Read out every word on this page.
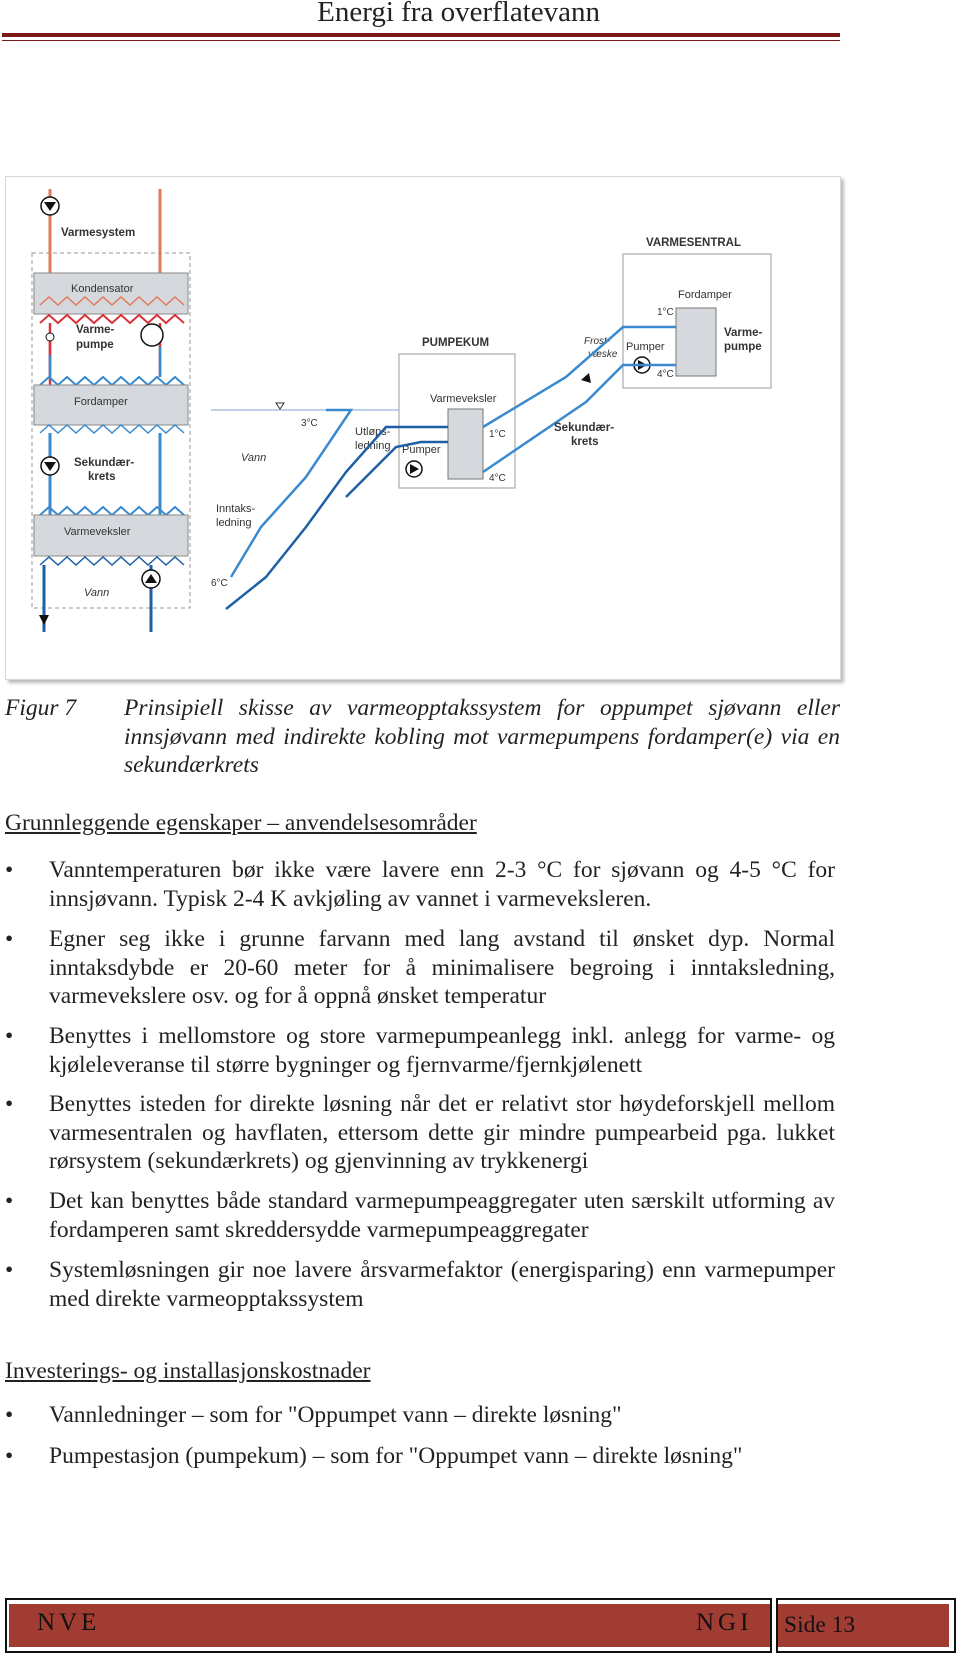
Energi fra overflatevann
Varmesystem
Kondensator
Varme-
pumpe
Fordamper
Sekundær-
krets
Varmeveksler
Vann
VARMESENTRAL
Fordamper
1°C
4°C
Varme-
pumpe
Pumper
Frost-
væske
PUMPEKUM
Varmeveksler
1°C
4°C
Pumper
Sekundær-
krets
3°C
Utløps-
ledning
Vann
Inntaks-
ledning
6°C
Figur 7	Prinsipiell skisse av varmeopptakssystem for oppumpet sjøvann eller innsjøvann med indirekte kobling mot varmepumpens fordamper(e) via en sekundærkrets
Grunnleggende egenskaper – anvendelsesområder
•	Vanntemperaturen bør ikke være lavere enn 2-3 °C for sjøvann og 4-5 °C for innsjøvann. Typisk 2-4 K avkjøling av vannet i varmeveksleren.
•	Egner seg ikke i grunne farvann med lang avstand til ønsket dyp. Normal inntaksdybde er 20-60 meter for å minimalisere begroing i inntaksledning, varmevekslere osv. og for å oppnå ønsket temperatur
•	Benyttes i mellomstore og store varmepumpeanlegg inkl. anlegg for varme- og kjøleleveranse til større bygninger og fjernvarme/fjernkjølenett
•	Benyttes isteden for direkte løsning når det er relativt stor høydeforskjell mellom varmesentralen og havflaten, ettersom dette gir mindre pumpearbeid pga. lukket rørsystem (sekundærkrets) og gjenvinning av trykkenergi
•	Det kan benyttes både standard varmepumpeaggregater uten særskilt utforming av fordamperen samt skreddersydde varmepumpeaggregater
•	Systemløsningen gir noe lavere årsvarmefaktor (energisparing) enn varmepumper med direkte varmeopptakssystem
Investerings- og installasjonskostnader
•	Vannledninger – som for "Oppumpet vann – direkte løsning"
•	Pumpestasjon (pumpekum) – som for "Oppumpet vann – direkte løsning"
NVE	NGI Side 13
